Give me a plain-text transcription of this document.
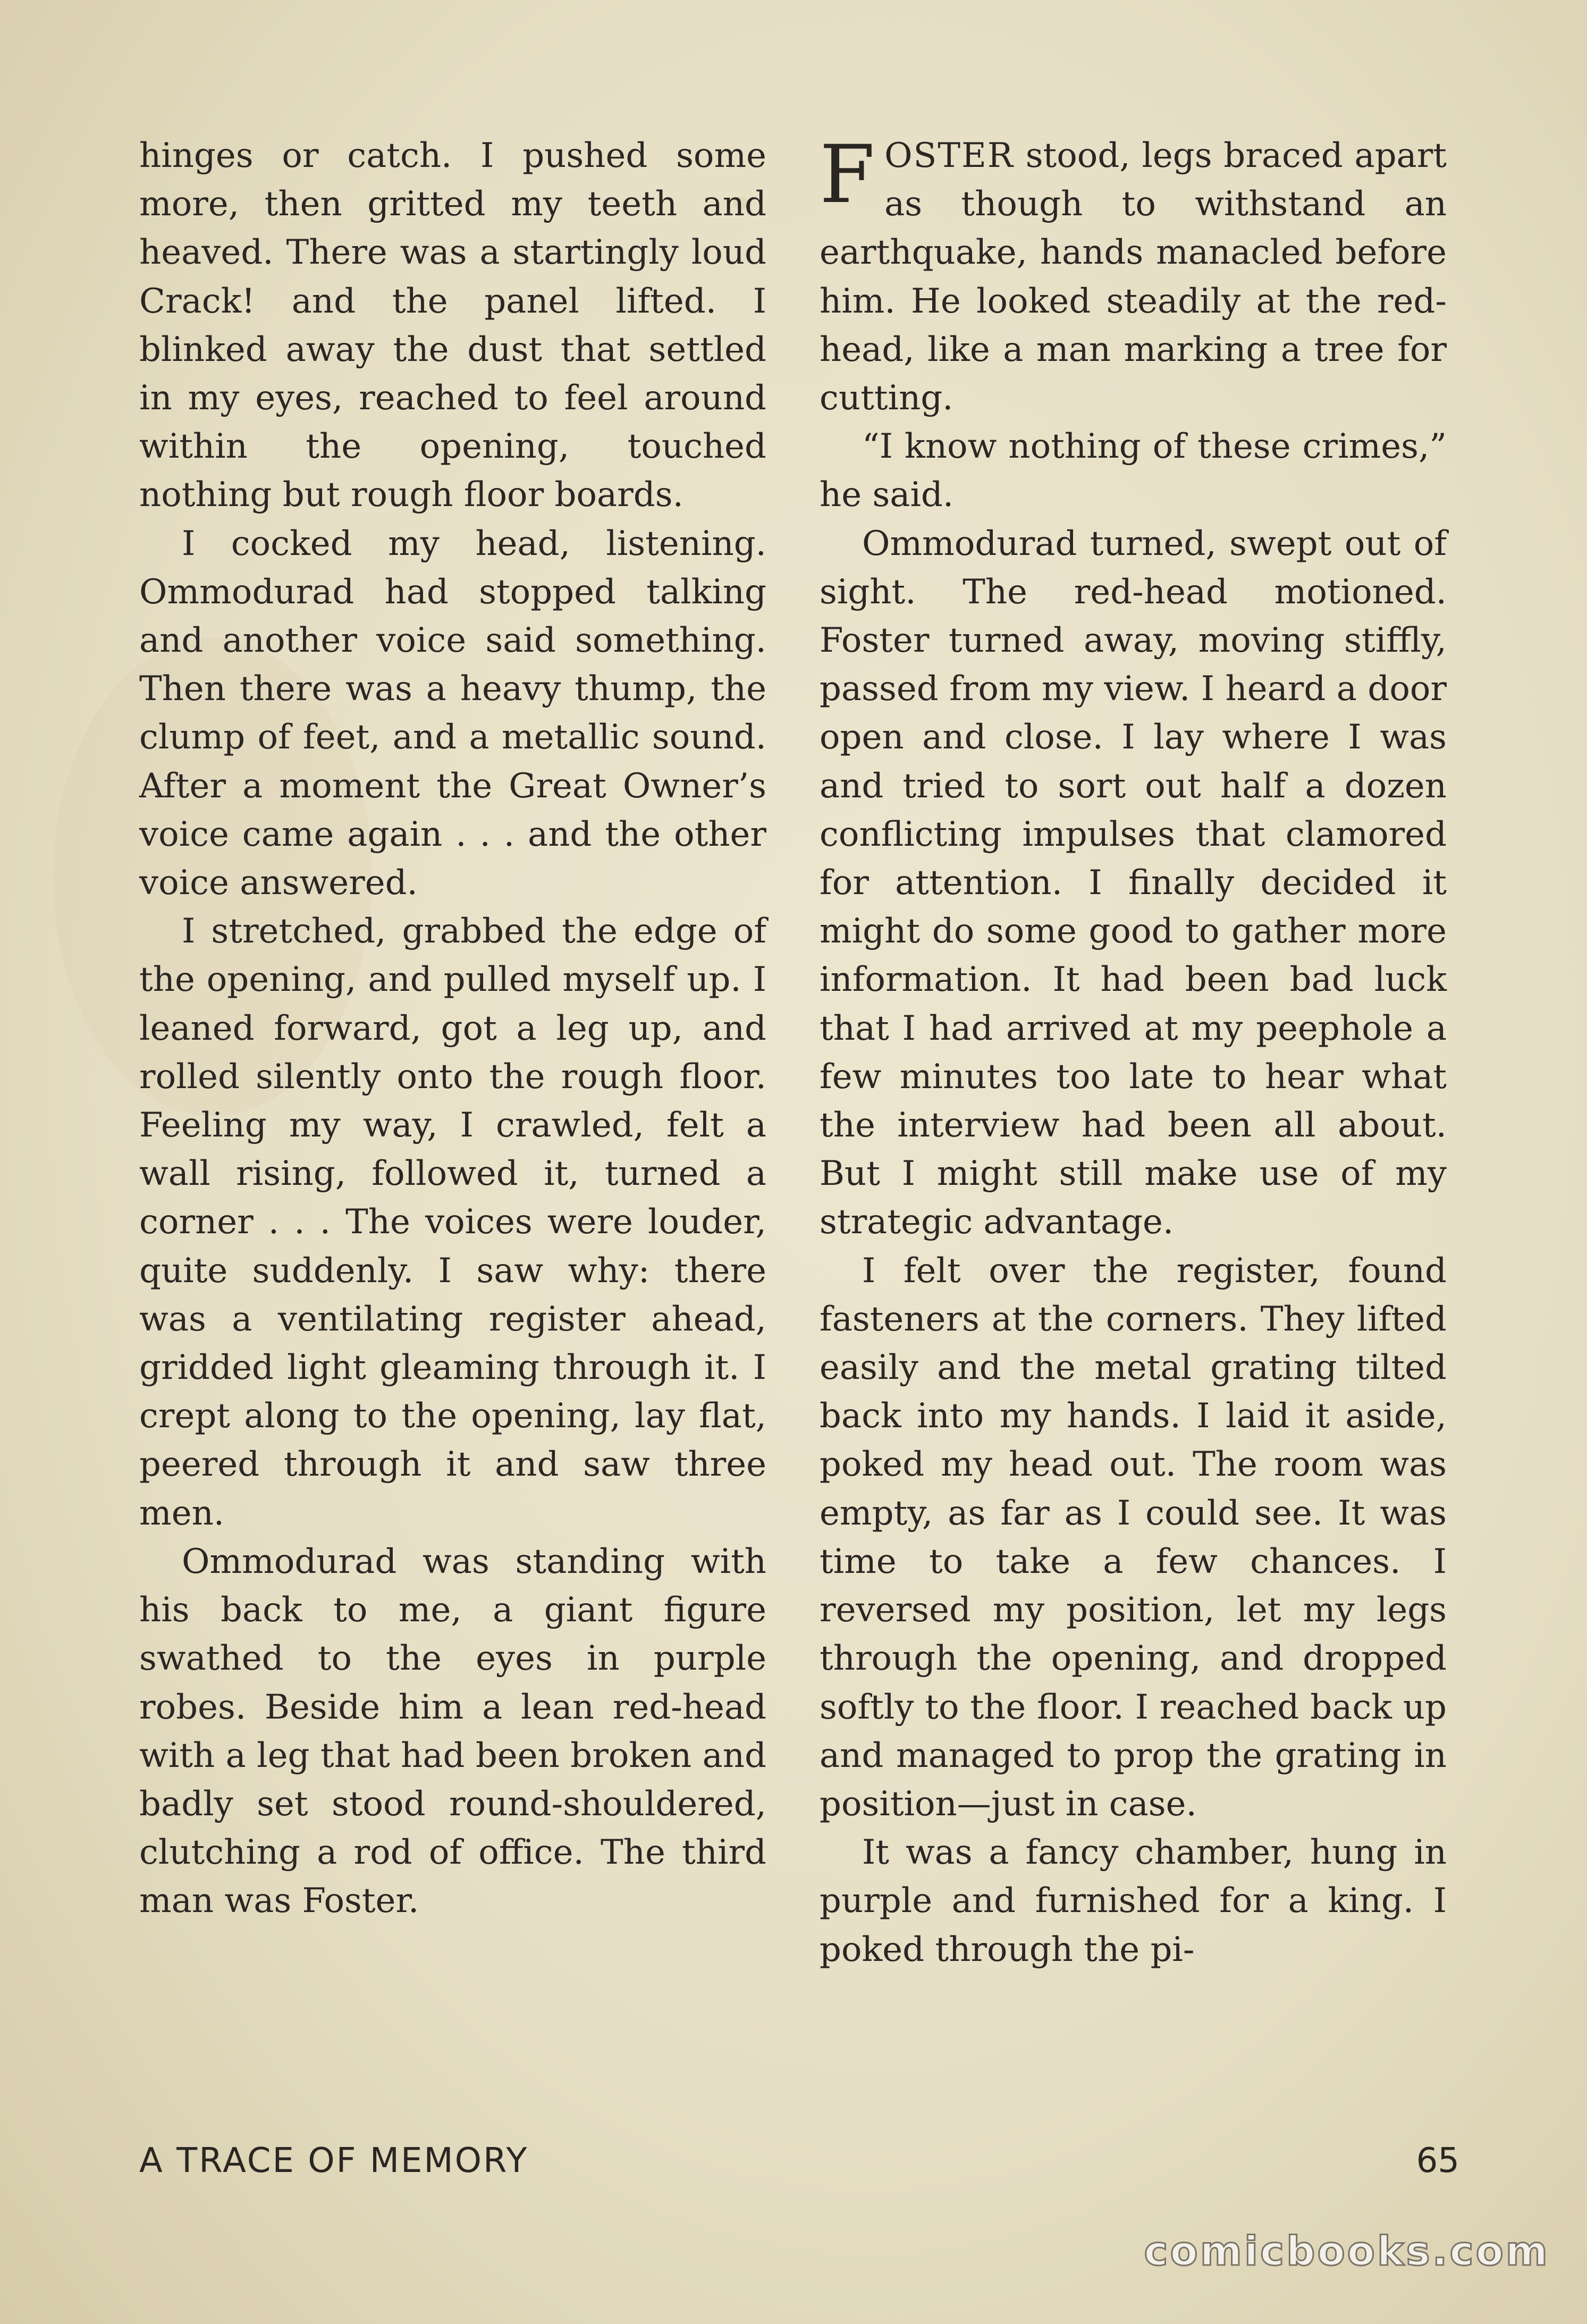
hinges or catch. I pushed some more, then gritted my teeth and heaved. There was a startingly loud Crack! and the panel lifted. I blinked away the dust that settled in my eyes, reached to feel around within the opening, touched nothing but rough floor boards.

I cocked my head, listening. Ommodurad had stopped talking and another voice said something. Then there was a heavy thump, the clump of feet, and a metallic sound. After a moment the Great Owner’s voice came again . . . and the other voice answered.

I stretched, grabbed the edge of the opening, and pulled myself up. I leaned forward, got a leg up, and rolled silently onto the rough floor. Feeling my way, I crawled, felt a wall rising, followed it, turned a corner . . . The voices were louder, quite suddenly. I saw why: there was a ventilating register ahead, gridded light gleaming through it. I crept along to the opening, lay flat, peered through it and saw three men.

Ommodurad was standing with his back to me, a giant figure swathed to the eyes in purple robes. Beside him a lean red-head with a leg that had been broken and badly set stood round-shouldered, clutching a rod of office. The third man was Foster.

FOSTER stood, legs braced apart as though to withstand an earthquake, hands manacled before him. He looked steadily at the red-head, like a man marking a tree for cutting.

“I know nothing of these crimes,” he said.

Ommodurad turned, swept out of sight. The red-head motioned. Foster turned away, moving stiffly, passed from my view. I heard a door open and close. I lay where I was and tried to sort out half a dozen conflicting impulses that clamored for attention. I finally decided it might do some good to gather more information. It had been bad luck that I had arrived at my peephole a few minutes too late to hear what the interview had been all about. But I might still make use of my strategic advantage.

I felt over the register, found fasteners at the corners. They lifted easily and the metal grating tilted back into my hands. I laid it aside, poked my head out. The room was empty, as far as I could see. It was time to take a few chances. I reversed my position, let my legs through the opening, and dropped softly to the floor. I reached back up and managed to prop the grating in position—just in case.

It was a fancy chamber, hung in purple and furnished for a king. I poked through the pi-

A TRACE OF MEMORY	65
comicbooks.com
